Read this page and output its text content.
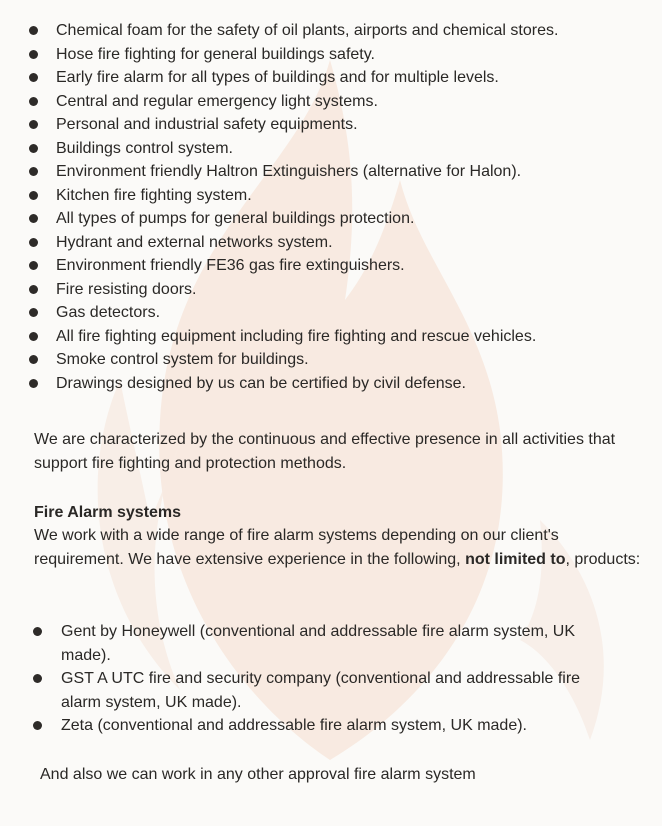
Chemical foam for the safety of oil plants, airports and chemical stores.
Hose fire fighting for general buildings safety.
Early fire alarm for all types of buildings and for multiple levels.
Central and regular emergency light systems.
Personal and industrial safety equipments.
Buildings control system.
Environment friendly Haltron Extinguishers (alternative for Halon).
Kitchen fire fighting system.
All types of pumps for general buildings protection.
Hydrant and external networks system.
Environment friendly FE36 gas fire extinguishers.
Fire resisting doors.
Gas detectors.
All fire fighting equipment including fire fighting and rescue vehicles.
Smoke control system for buildings.
Drawings designed by us can be certified by civil defense.

We are characterized by the continuous and effective presence in all activities that support fire fighting and protection methods.

Fire Alarm systems

We work with a wide range of fire alarm systems depending on our client's requirement. We have extensive experience in the following, not limited to, products:

Gent by Honeywell (conventional and addressable fire alarm system, UK made).
GST A UTC fire and security company (conventional and addressable fire alarm system, UK made).
Zeta (conventional and addressable fire alarm system, UK made).

And also we can work in any other approval fire alarm system
